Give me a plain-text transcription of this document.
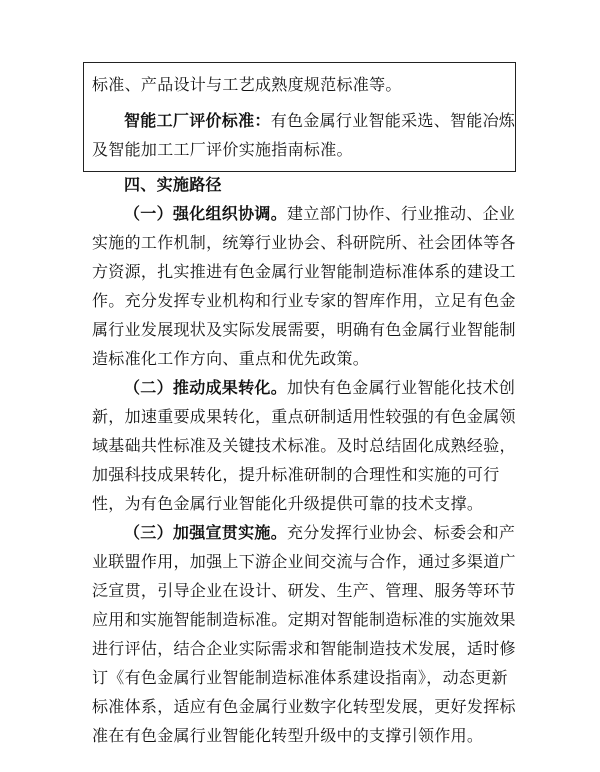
标准、产品设计与工艺成熟度规范标准等。
智能工厂评价标准：有色金属行业智能采选、智能冶炼
及智能加工工厂评价实施指南标准。
四、实施路径
（一）强化组织协调。建立部门协作、行业推动、企业
实施的工作机制，统筹行业协会、科研院所、社会团体等各
方资源，扎实推进有色金属行业智能制造标准体系的建设工
作。充分发挥专业机构和行业专家的智库作用，立足有色金
属行业发展现状及实际发展需要，明确有色金属行业智能制
造标准化工作方向、重点和优先政策。
（二）推动成果转化。加快有色金属行业智能化技术创
新，加速重要成果转化，重点研制适用性较强的有色金属领
域基础共性标准及关键技术标准。及时总结固化成熟经验，
加强科技成果转化，提升标准研制的合理性和实施的可行
性，为有色金属行业智能化升级提供可靠的技术支撑。
（三）加强宣贯实施。充分发挥行业协会、标委会和产
业联盟作用，加强上下游企业间交流与合作，通过多渠道广
泛宣贯，引导企业在设计、研发、生产、管理、服务等环节
应用和实施智能制造标准。定期对智能制造标准的实施效果
进行评估，结合企业实际需求和智能制造技术发展，适时修
订《有色金属行业智能制造标准体系建设指南》，动态更新
标准体系，适应有色金属行业数字化转型发展，更好发挥标
准在有色金属行业智能化转型升级中的支撑引领作用。
